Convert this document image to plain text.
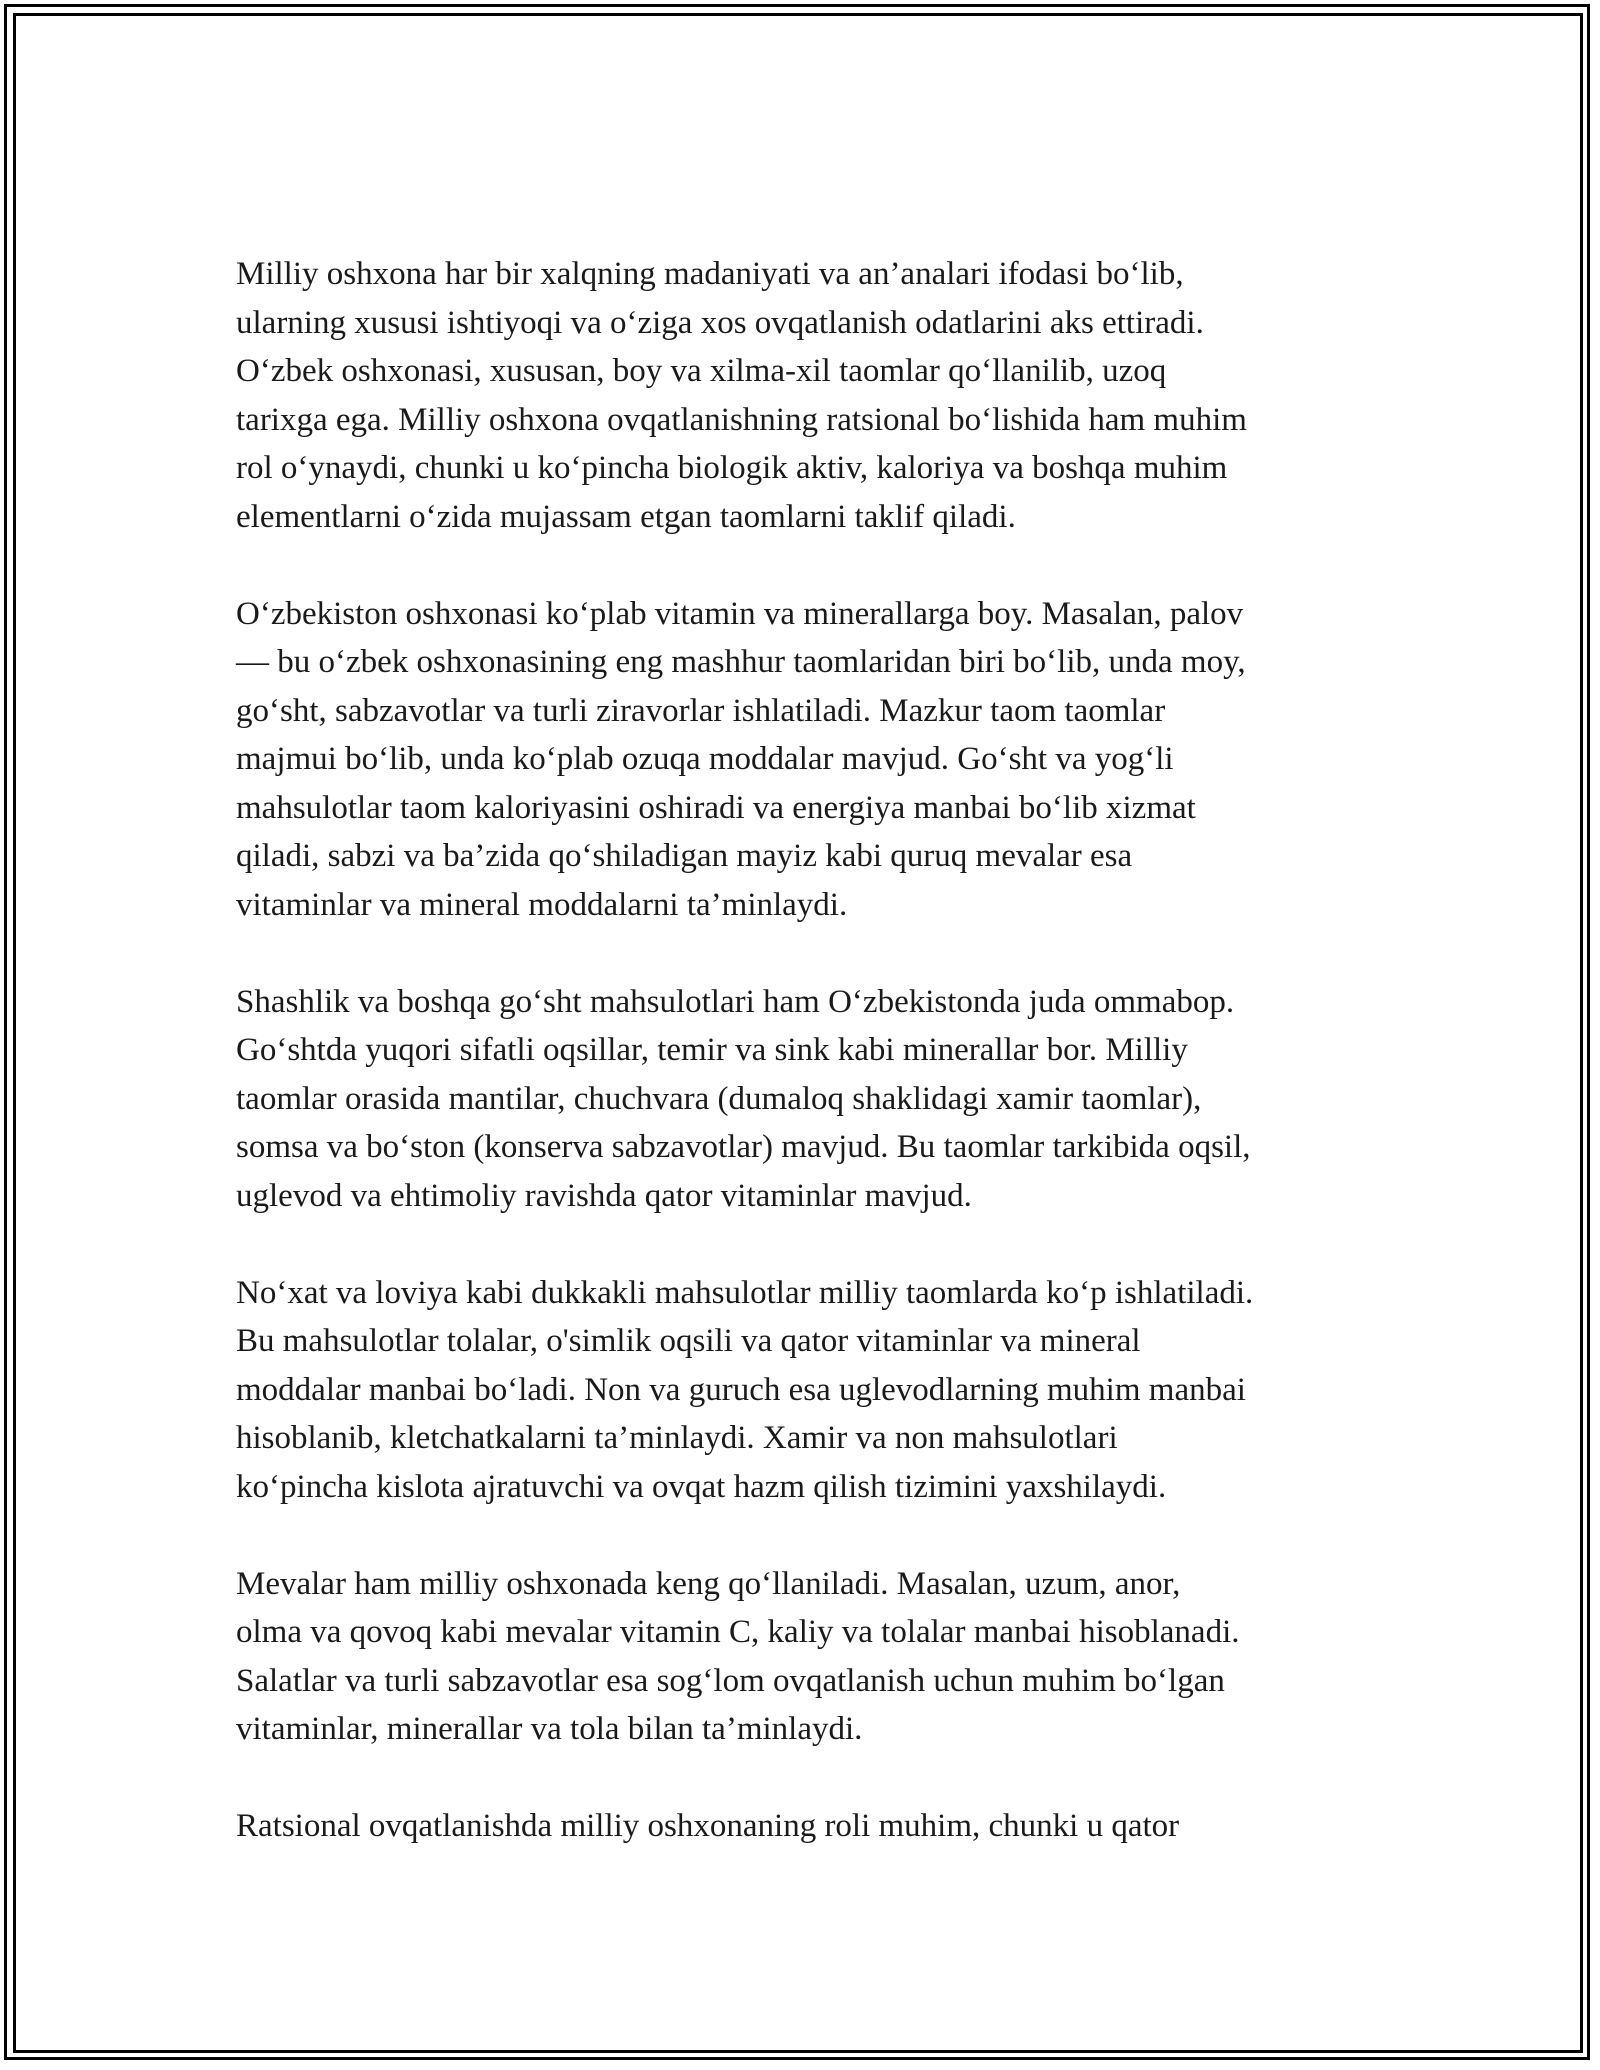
Milliy oshxona har bir xalqning madaniyati va an’analari ifodasi bo‘lib,
ularning xususi ishtiyoqi va o‘ziga xos ovqatlanish odatlarini aks ettiradi.
O‘zbek oshxonasi, xususan, boy va xilma-xil taomlar qo‘llanilib, uzoq
tarixga ega. Milliy oshxona ovqatlanishning ratsional bo‘lishida ham muhim
rol o‘ynaydi, chunki u ko‘pincha biologik aktiv, kaloriya va boshqa muhim
elementlarni o‘zida mujassam etgan taomlarni taklif qiladi.

O‘zbekiston oshxonasi ko‘plab vitamin va minerallarga boy. Masalan, palov
— bu o‘zbek oshxonasining eng mashhur taomlaridan biri bo‘lib, unda moy,
go‘sht, sabzavotlar va turli ziravorlar ishlatiladi. Mazkur taom taomlar
majmui bo‘lib, unda ko‘plab ozuqa moddalar mavjud. Go‘sht va yog‘li
mahsulotlar taom kaloriyasini oshiradi va energiya manbai bo‘lib xizmat
qiladi, sabzi va ba’zida qo‘shiladigan mayiz kabi quruq mevalar esa
vitaminlar va mineral moddalarni ta’minlaydi.

Shashlik va boshqa go‘sht mahsulotlari ham O‘zbekistonda juda ommabop.
Go‘shtda yuqori sifatli oqsillar, temir va sink kabi minerallar bor. Milliy
taomlar orasida mantilar, chuchvara (dumaloq shaklidagi xamir taomlar),
somsa va bo‘ston (konserva sabzavotlar) mavjud. Bu taomlar tarkibida oqsil,
uglevod va ehtimoliy ravishda qator vitaminlar mavjud.

No‘xat va loviya kabi dukkakli mahsulotlar milliy taomlarda ko‘p ishlatiladi.
Bu mahsulotlar tolalar, o'simlik oqsili va qator vitaminlar va mineral
moddalar manbai bo‘ladi. Non va guruch esa uglevodlarning muhim manbai
hisoblanib, kletchatkalarni ta’minlaydi. Xamir va non mahsulotlari
ko‘pincha kislota ajratuvchi va ovqat hazm qilish tizimini yaxshilaydi.

Mevalar ham milliy oshxonada keng qo‘llaniladi. Masalan, uzum, anor,
olma va qovoq kabi mevalar vitamin C, kaliy va tolalar manbai hisoblanadi.
Salatlar va turli sabzavotlar esa sog‘lom ovqatlanish uchun muhim bo‘lgan
vitaminlar, minerallar va tola bilan ta’minlaydi.

Ratsional ovqatlanishda milliy oshxonaning roli muhim, chunki u qator
